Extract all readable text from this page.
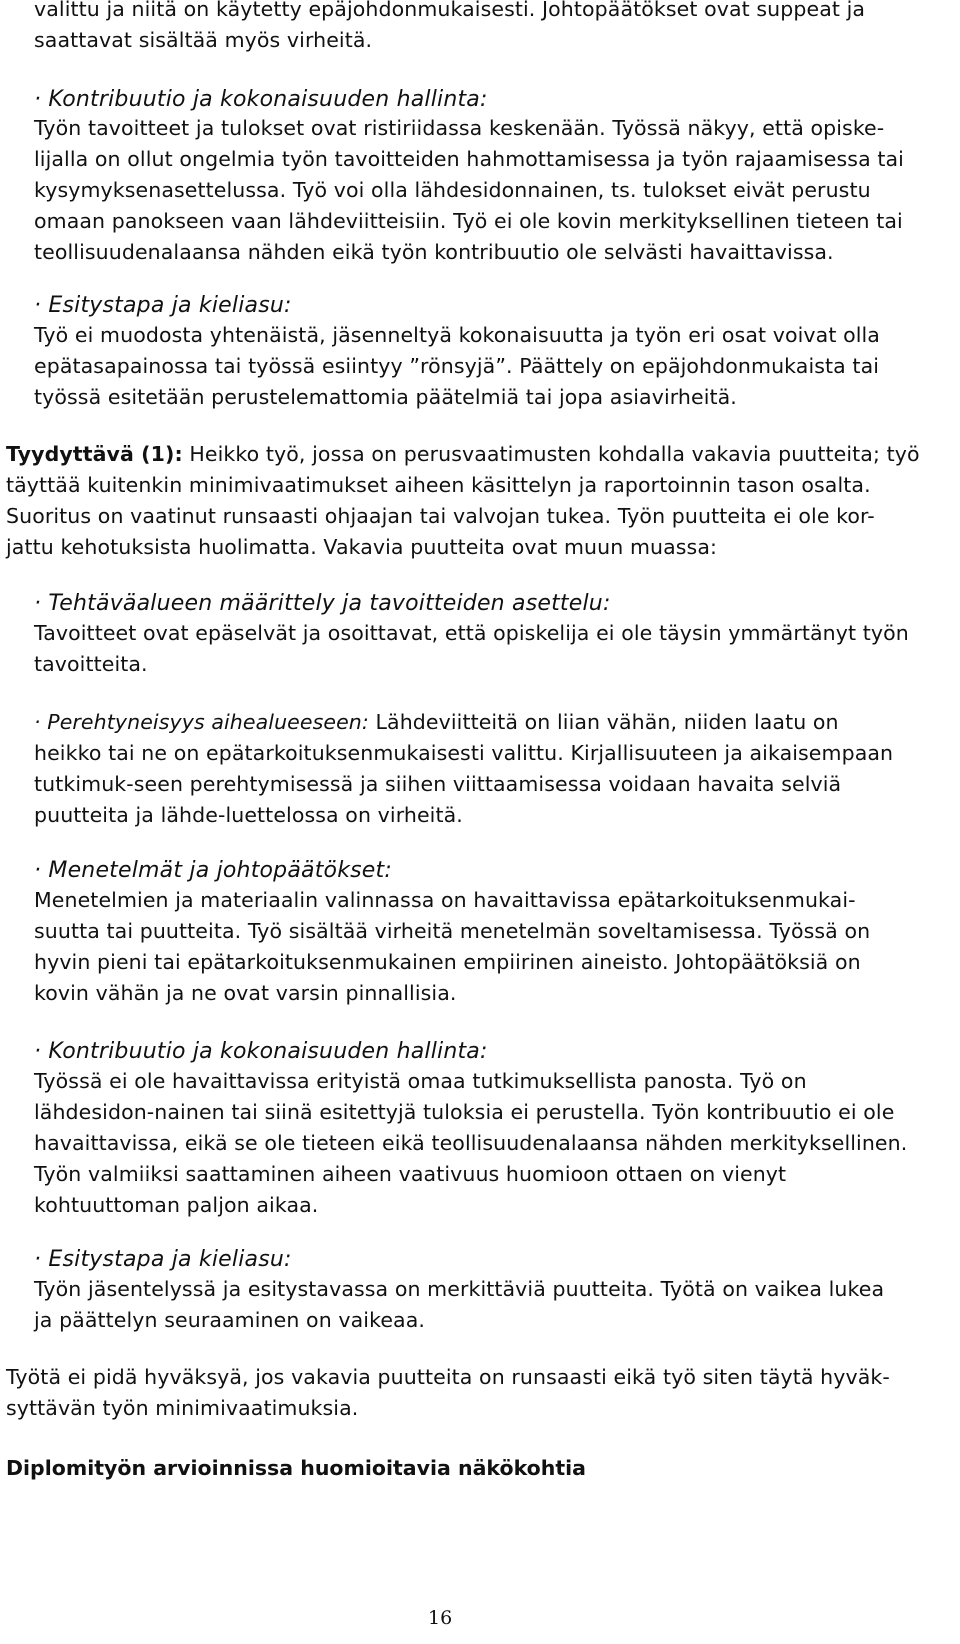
valittu ja niitä on käytetty epäjohdonmukaisesti. Johtopäätökset ovat suppeat ja
saattavat sisältää myös virheitä.

· Kontribuutio ja kokonaisuuden hallinta:

Työn tavoitteet ja tulokset ovat ristiriidassa keskenään. Työssä näkyy, että opiske-
lijalla on ollut ongelmia työn tavoitteiden hahmottamisessa ja työn rajaamisessa tai
kysymyksenasettelussa. Työ voi olla lähdesidonnainen, ts. tulokset eivät perustu
omaan panokseen vaan lähdeviitteisiin. Työ ei ole kovin merkityksellinen tieteen tai
teollisuudenalaansa nähden eikä työn kontribuutio ole selvästi havaittavissa.

· Esitystapa ja kieliasu:

Työ ei muodosta yhtenäistä, jäsenneltyä kokonaisuutta ja työn eri osat voivat olla
epätasapainossa tai työssä esiintyy ”rönsyjä”. Päättely on epäjohdonmukaista tai
työssä esitetään perustelemattomia päätelmiä tai jopa asiavirheitä.

Tyydyttävä (1): Heikko työ, jossa on perusvaatimusten kohdalla vakavia puutteita; työ
täyttää kuitenkin minimivaatimukset aiheen käsittelyn ja raportoinnin tason osalta.
Suoritus on vaatinut runsaasti ohjaajan tai valvojan tukea. Työn puutteita ei ole kor-
jattu kehotuksista huolimatta. Vakavia puutteita ovat muun muassa:

· Tehtäväalueen määrittely ja tavoitteiden asettelu:

Tavoitteet ovat epäselvät ja osoittavat, että opiskelija ei ole täysin ymmärtänyt työn
tavoitteita.

· Perehtyneisyys aihealueeseen: Lähdeviitteitä on liian vähän, niiden laatu on
heikko tai ne on epätarkoituksenmukaisesti valittu. Kirjallisuuteen ja aikaisempaan
tutkimuk-seen perehtymisessä ja siihen viittaamisessa voidaan havaita selviä
puutteita ja lähde-luettelossa on virheitä.

· Menetelmät ja johtopäätökset:

Menetelmien ja materiaalin valinnassa on havaittavissa epätarkoituksenmukai-
suutta tai puutteita. Työ sisältää virheitä menetelmän soveltamisessa. Työssä on
hyvin pieni tai epätarkoituksenmukainen empiirinen aineisto. Johtopäätöksiä on
kovin vähän ja ne ovat varsin pinnallisia.

· Kontribuutio ja kokonaisuuden hallinta:

Työssä ei ole havaittavissa erityistä omaa tutkimuksellista panosta. Työ on
lähdesidon-nainen tai siinä esitettyjä tuloksia ei perustella. Työn kontribuutio ei ole
havaittavissa, eikä se ole tieteen eikä teollisuudenalaansa nähden merkityksellinen.
Työn valmiiksi saattaminen aiheen vaativuus huomioon ottaen on vienyt
kohtuuttoman paljon aikaa.

· Esitystapa ja kieliasu:

Työn jäsentelyssä ja esitystavassa on merkittäviä puutteita. Työtä on vaikea lukea
ja päättelyn seuraaminen on vaikeaa.

Työtä ei pidä hyväksyä, jos vakavia puutteita on runsaasti eikä työ siten täytä hyväk-
syttävän työn minimivaatimuksia.

Diplomityön arvioinnissa huomioitavia näkökohtia

16
